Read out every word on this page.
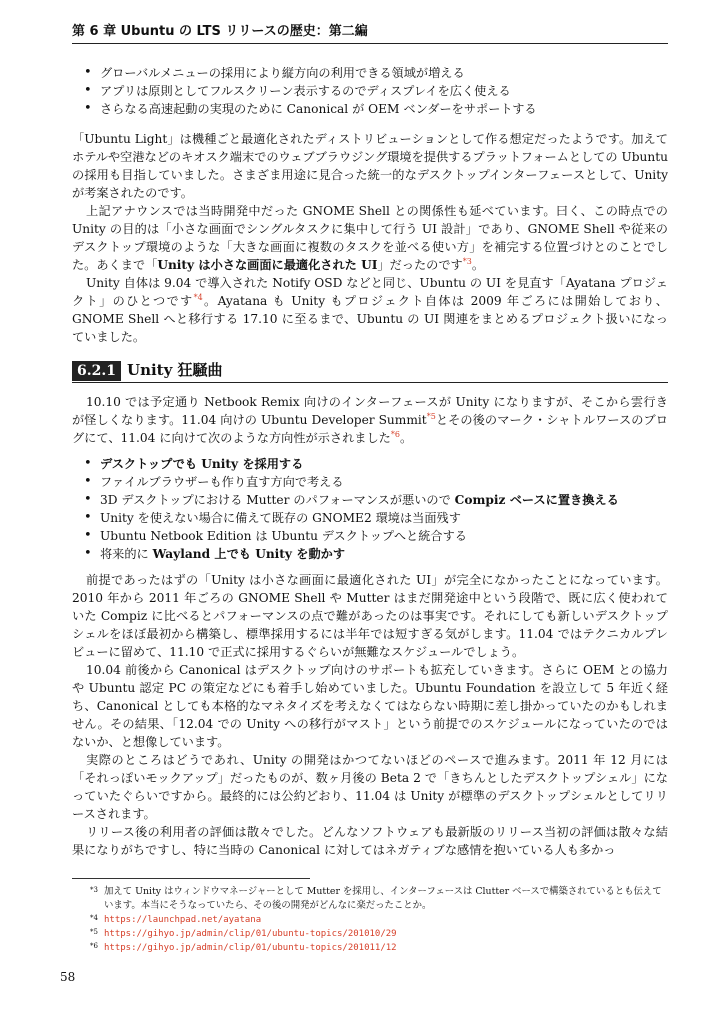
第 6 章 Ubuntu の LTS リリースの歴史：第二編
• グローバルメニューの採用により縦方向の利用できる領域が増える
• アプリは原則としてフルスクリーン表示するのでディスプレイを広く使える
• さらなる高速起動の実現のために Canonical が OEM ベンダーをサポートする

「Ubuntu Light」は機種ごと最適化されたディストリビューションとして作る想定だったようです。加えてホテルや空港などのキオスク端末でのウェブブラウジング環境を提供するプラットフォームとしての Ubuntu の採用も目指していました。さまざま用途に見合った統一的なデスクトップインターフェースとして、Unity が考案されたのです。

上記アナウンスでは当時開発中だった GNOME Shell との関係性も延べています。曰く、この時点での Unity の目的は「小さな画面でシングルタスクに集中して行う UI 設計」であり、GNOME Shell や従来のデスクトップ環境のような「大きな画面に複数のタスクを並べる使い方」を補完する位置づけとのことでした。あくまで「Unity は小さな画面に最適化された UI」だったのです$^{*3}$。

Unity 自体は 9.04 で導入された Notify OSD などと同じ、Ubuntu の UI を見直す「Ayatana プロジェクト」のひとつです$^{*4}$。Ayatana も Unity もプロジェクト自体は 2009 年ごろには開始しており、GNOME Shell へと移行する 17.10 に至るまで、Ubuntu の UI 関連をまとめるプロジェクト扱いになっていました。

6.2.1 Unity 狂騒曲

10.10 では予定通り Netbook Remix 向けのインターフェースが Unity になりますが、そこから雲行きが怪しくなります。11.04 向けの Ubuntu Developer Summit$^{*5}$とその後のマーク・シャトルワースのブログにて、11.04 に向けて次のような方向性が示されました$^{*6}$。

• デスクトップでも Unity を採用する
• ファイルブラウザーも作り直す方向で考える
• 3D デスクトップにおける Mutter のパフォーマンスが悪いので Compiz ベースに置き換える
• Unity を使えない場合に備えて既存の GNOME2 環境は当面残す
• Ubuntu Netbook Edition は Ubuntu デスクトップへと統合する
• 将来的に Wayland 上でも Unity を動かす

前提であったはずの「Unity は小さな画面に最適化された UI」が完全になかったことになっています。2010 年から 2011 年ごろの GNOME Shell や Mutter はまだ開発途中という段階で、既に広く使われていた Compiz に比べるとパフォーマンスの点で難があったのは事実です。それにしても新しいデスクトップシェルをほぼ最初から構築し、標準採用するには半年では短すぎる気がします。11.04 ではテクニカルプレビューに留めて、11.10 で正式に採用するぐらいが無難なスケジュールでしょう。

10.04 前後から Canonical はデスクトップ向けのサポートも拡充していきます。さらに OEM との協力や Ubuntu 認定 PC の策定などにも着手し始めていました。Ubuntu Foundation を設立して 5 年近く経ち、Canonical としても本格的なマネタイズを考えなくてはならない時期に差し掛かっていたのかもしれません。その結果、「12.04 での Unity への移行がマスト」という前提でのスケジュールになっていたのではないか、と想像しています。

実際のところはどうであれ、Unity の開発はかつてないほどのペースで進みます。2011 年 12 月には「それっぽいモックアップ」だったものが、数ヶ月後の Beta 2 で「きちんとしたデスクトップシェル」になっていたぐらいですから。最終的には公約どおり、11.04 は Unity が標準のデスクトップシェルとしてリリースされます。

リリース後の利用者の評価は散々でした。どんなソフトウェアも最新版のリリース当初の評価は散々な結果になりがちですし、特に当時の Canonical に対してはネガティブな感情を抱いている人も多かっ

*3 加えて Unity はウィンドウマネージャーとして Mutter を採用し、インターフェースは Clutter ベースで構築されているとも伝えています。本当にそうなっていたら、その後の開発がどんなに楽だったことか。
*4 https://launchpad.net/ayatana
*5 https://gihyo.jp/admin/clip/01/ubuntu-topics/201010/29
*6 https://gihyo.jp/admin/clip/01/ubuntu-topics/201011/12
58
